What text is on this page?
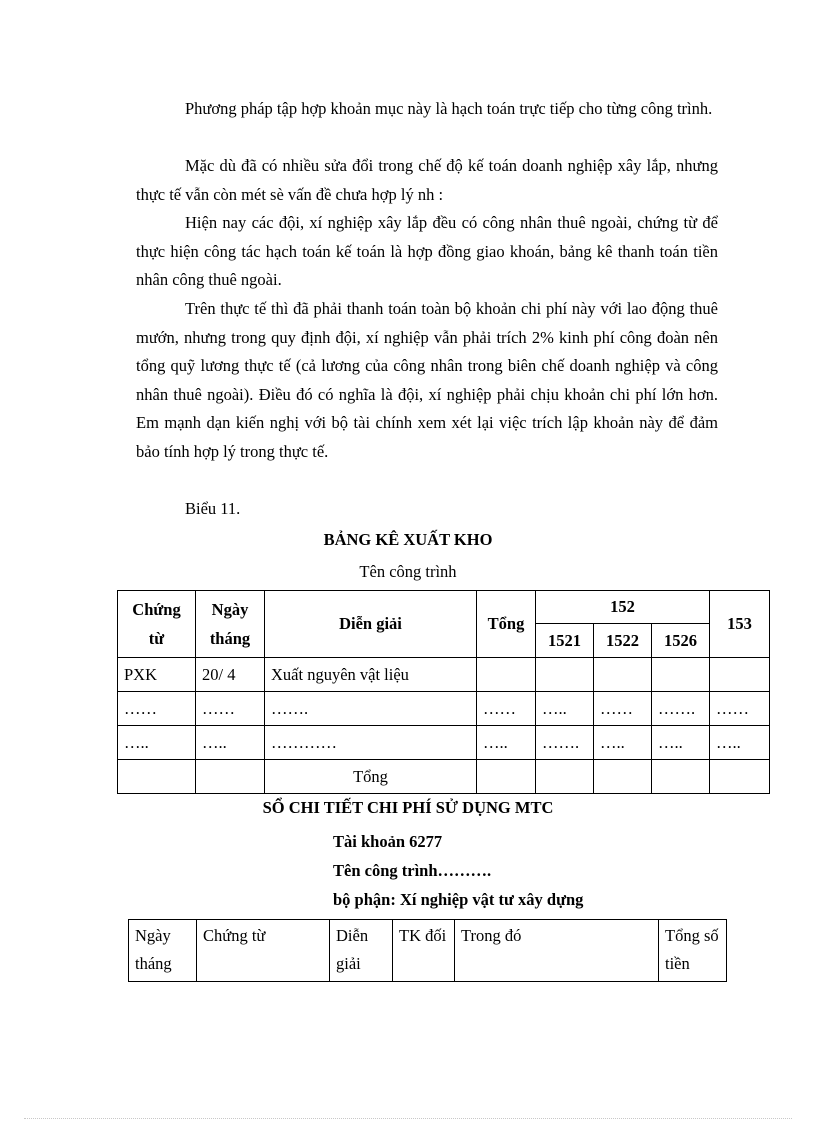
Phương pháp tập hợp khoản mục này là hạch toán trực tiếp cho từng công trình.

Mặc dù đã có nhiều sửa đổi trong chế độ kế toán doanh nghiệp xây lắp, nhưng thực tế vẫn còn mét sè vấn đề chưa hợp lý nh :

Hiện nay các đội, xí nghiệp xây lắp đều có công nhân thuê ngoài, chứng từ để thực hiện công tác hạch toán kế toán là hợp đồng giao khoán, bảng kê thanh toán tiền nhân công thuê ngoài.

Trên thực tế thì đã phải thanh toán toàn bộ khoản chi phí này với lao động thuê mướn, nhưng trong quy định đội, xí nghiệp vẫn phải trích 2% kinh phí công đoàn nên tổng quỹ lương thực tế (cả lương của công nhân trong biên chế doanh nghiệp và công nhân thuê ngoài). Điều đó có nghĩa là đội, xí nghiệp phải chịu khoản chi phí lớn hơn. Em mạnh dạn kiến nghị với bộ tài chính xem xét lại việc trích lập khoản này để đảm bảo tính hợp lý trong thực tế.

Biểu 11.

BẢNG KÊ XUẤT KHO

Tên công trình

Chứng từ	Ngày tháng	Diễn giải	Tổng	152			153
				1521	1522	1526	
PXK	20/ 4	Xuất nguyên vật liệu					
……	……	…….	……	…..	……	…….	……
…..	…..	…………	…..	…….	…..	…..	…..
		Tổng					

SỔ CHI TIẾT CHI PHÍ SỬ DỤNG MTC

Tài khoản 6277

Tên công trình……….

bộ phận: Xí nghiệp vật tư xây dựng

Ngày tháng	Chứng từ	Diễn giải	TK đối	Trong đó	Tổng số tiền
